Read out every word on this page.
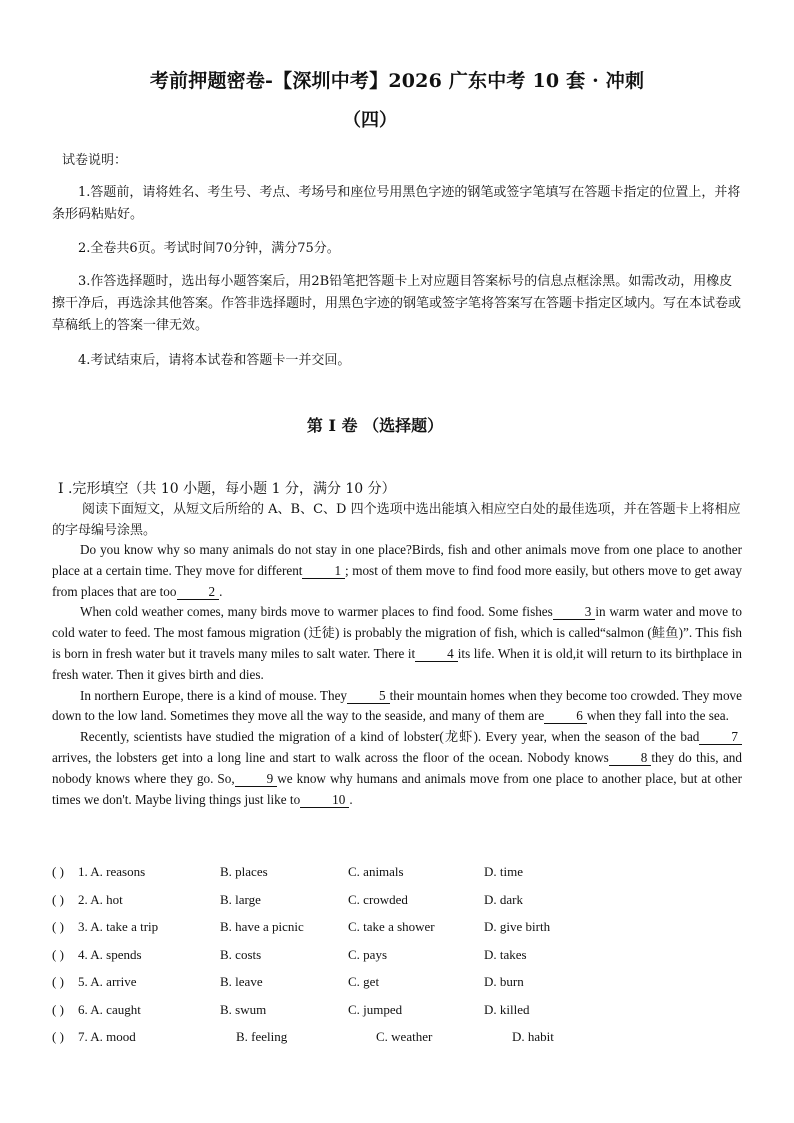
考前押题密卷-【深圳中考】2026 广东中考 10 套 · 冲刺
（四）
试卷说明：
1.答题前，请将姓名、考生号、考点、考场号和座位号用黑色字迹的钢笔或签字笔填写在答题卡指定的位置上，并将条形码粘贴好。
2.全卷共6页。考试时间70分钟，满分75分。
3.作答选择题时，选出每小题答案后，用2B铅笔把答题卡上对应题目答案标号的信息点框涂黑。如需改动，用橡皮擦干净后，再选涂其他答案。作答非选择题时，用黑色字迹的钢笔或签字笔将答案写在答题卡指定区域内。写在本试卷或草稿纸上的答案一律无效。
4.考试结束后，请将本试卷和答题卡一并交回。
第 I 卷 （选择题）
I .完形填空（共 10 小题，每小题 1 分，满分 10 分）
阅读下面短文，从短文后所给的 A、B、C、D 四个选项中选出能填入相应空白处的最佳选项，并在答题卡上将相应的字母编号涂黑。

Do you know why so many animals do not stay in one place?Birds, fish and other animals move from one place to another place at a certain time. They move for different 1 ; most of them move to find food more easily, but others move to get away from places that are too 2 .

When cold weather comes, many birds move to warmer places to find food. Some fishes 3 in warm water and move to cold water to feed. The most famous migration (迁徒) is probably the migration of fish, which is called“salmon (鲑鱼)”. This fish is born in fresh water but it travels many miles to salt water. There it 4 its life. When it is old,it will return to its birthplace in fresh water. Then it gives birth and dies.

In northern Europe, there is a kind of mouse. They 5 their mountain homes when they become too crowded. They move down to the low land. Sometimes they move all the way to the seaside, and many of them are 6 when they fall into the sea.

Recently, scientists have studied the migration of a kind of lobster(龙虾). Every year, when the season of the bad 7arrives, the lobsters get into a long line and start to walk across the floor of the ocean. Nobody knows 8 they do this, and nobody knows where they go. So, 9 we know why humans and animals move from one place to another place, but at other times we don't. Maybe living things just like to 10 .

( ) 1. A. reasons	B. places	C. animals	D. time
( ) 2. A. hot	B. large	C. crowded	D. dark
( ) 3. A. take a trip	B. have a picnic	C. take a shower	D. give birth
( ) 4. A. spends	B. costs	C. pays	D. takes
( ) 5. A. arrive	B. leave	C. get	D. burn
( ) 6. A. caught	B. swum	C. jumped	D. killed
( ) 7. A. mood	B. feeling	C. weather	D. habit
